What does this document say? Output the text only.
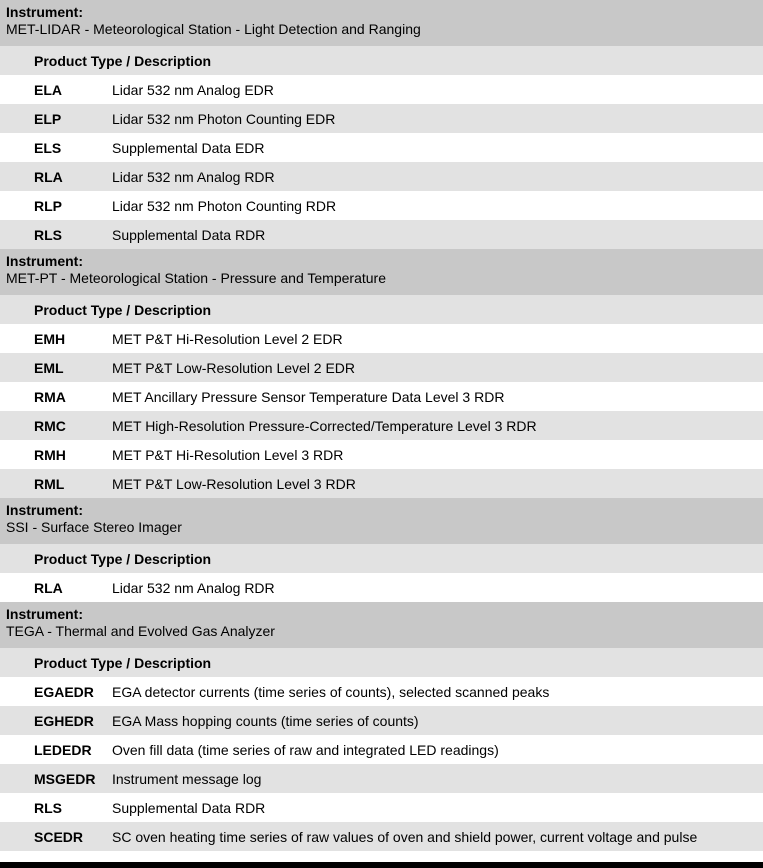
Instrument:
MET-LIDAR - Meteorological Station - Light Detection and Ranging
Product Type / Description
ELA	Lidar 532 nm Analog EDR
ELP	Lidar 532 nm Photon Counting EDR
ELS	Supplemental Data EDR
RLA	Lidar 532 nm Analog RDR
RLP	Lidar 532 nm Photon Counting RDR
RLS	Supplemental Data RDR
Instrument:
MET-PT - Meteorological Station - Pressure and Temperature
Product Type / Description
EMH	MET P&T Hi-Resolution Level 2 EDR
EML	MET P&T Low-Resolution Level 2 EDR
RMA	MET Ancillary Pressure Sensor Temperature Data Level 3 RDR
RMC	MET High-Resolution Pressure-Corrected/Temperature Level 3 RDR
RMH	MET P&T Hi-Resolution Level 3 RDR
RML	MET P&T Low-Resolution Level 3 RDR
Instrument:
SSI - Surface Stereo Imager
Product Type / Description
RLA	Lidar 532 nm Analog RDR
Instrument:
TEGA - Thermal and Evolved Gas Analyzer
Product Type / Description
EGAEDR	EGA detector currents (time series of counts), selected scanned peaks
EGHEDR	EGA Mass hopping counts (time series of counts)
LEDEDR	Oven fill data (time series of raw and integrated LED readings)
MSGEDR	Instrument message log
RLS	Supplemental Data RDR
SCEDR	SC oven heating time series of raw values of oven and shield power, current voltage and pulse
